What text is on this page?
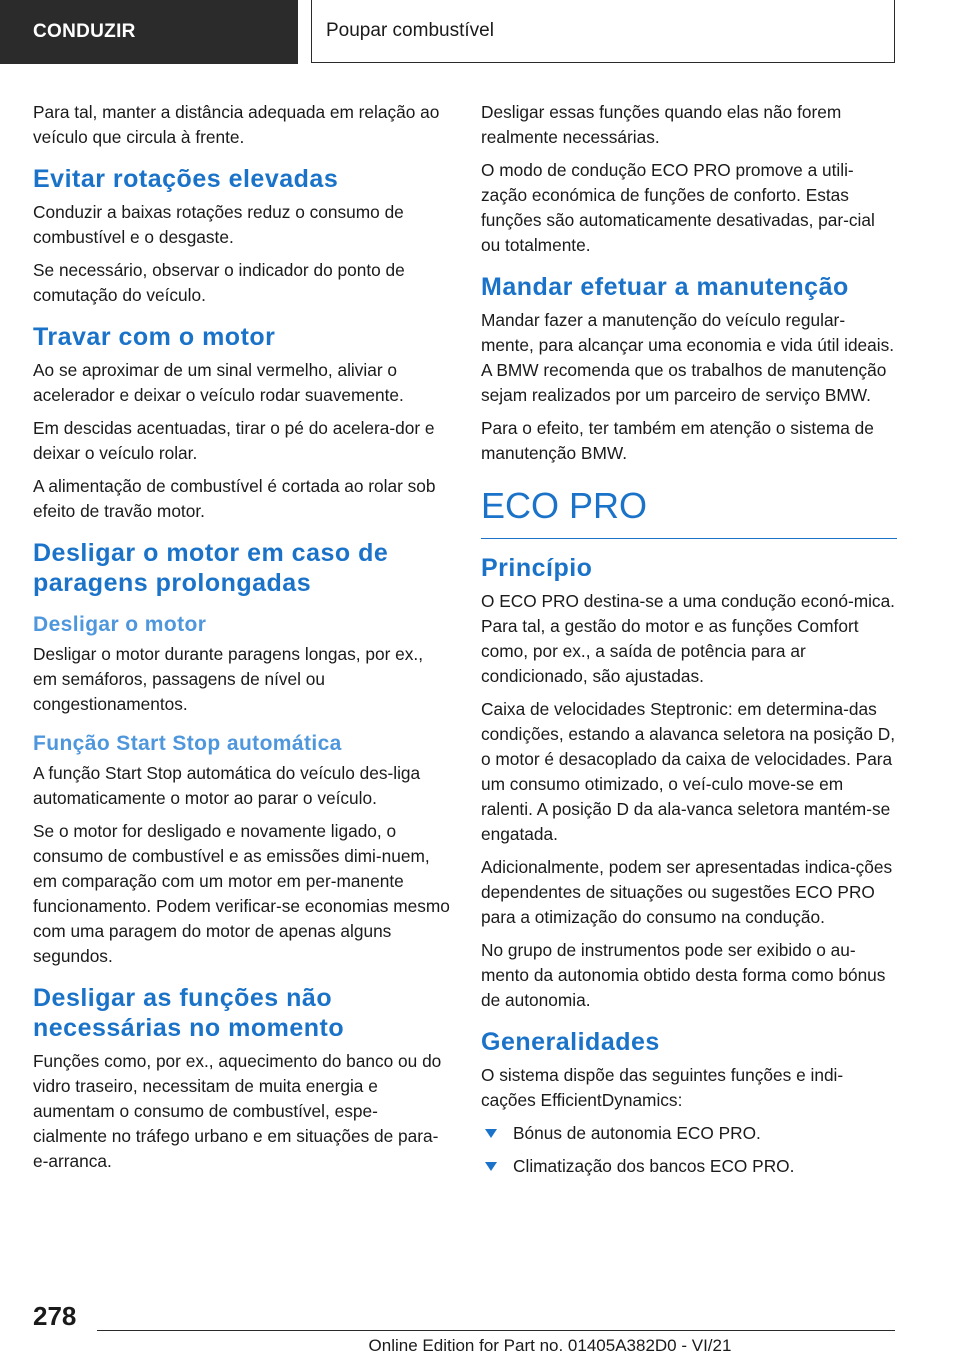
CONDUZIR	Poupar combustível

Para tal, manter a distância adequada em relação ao veículo que circula à frente.

Evitar rotações elevadas

Conduzir a baixas rotações reduz o consumo de combustível e o desgaste.

Se necessário, observar o indicador do ponto de comutação do veículo.

Travar com o motor

Ao se aproximar de um sinal vermelho, aliviar o acelerador e deixar o veículo rodar suavemente.

Em descidas acentuadas, tirar o pé do acelera-dor e deixar o veículo rolar.

A alimentação de combustível é cortada ao rolar sob efeito de travão motor.

Desligar o motor em caso de paragens prolongadas
Desligar o motor

Desligar o motor durante paragens longas, por ex., em semáforos, passagens de nível ou congestionamentos.

Função Start Stop automática

A função Start Stop automática do veículo des-liga automaticamente o motor ao parar o veículo.

Se o motor for desligado e novamente ligado, o consumo de combustível e as emissões dimi-nuem, em comparação com um motor em per-manente funcionamento. Podem verificar-se economias mesmo com uma paragem do motor de apenas alguns segundos.

Desligar as funções não necessárias no momento

Funções como, por ex., aquecimento do banco ou do vidro traseiro, necessitam de muita energia e aumentam o consumo de combustível, espe-cialmente no tráfego urbano e em situações de para-e-arranca.

Desligar essas funções quando elas não forem realmente necessárias.

O modo de condução ECO PRO promove a utili-zação económica de funções de conforto. Estas funções são automaticamente desativadas, par-cial ou totalmente.

Mandar efetuar a manutenção

Mandar fazer a manutenção do veículo regular-mente, para alcançar uma economia e vida útil ideais. A BMW recomenda que os trabalhos de manutenção sejam realizados por um parceiro de serviço BMW.

Para o efeito, ter também em atenção o sistema de manutenção BMW.

ECO PRO
Princípio

O ECO PRO destina-se a uma condução econó-mica. Para tal, a gestão do motor e as funções Comfort como, por ex., a saída de potência para ar condicionado, são ajustadas.

Caixa de velocidades Steptronic: em determina-das condições, estando a alavanca seletora na posição D, o motor é desacoplado da caixa de velocidades. Para um consumo otimizado, o veí-culo move-se em ralenti. A posição D da ala-vanca seletora mantém-se engatada.

Adicionalmente, podem ser apresentadas indica-ções dependentes de situações ou sugestões ECO PRO para a otimização do consumo na condução.

No grupo de instrumentos pode ser exibido o au-mento da autonomia obtido desta forma como bónus de autonomia.

Generalidades

O sistema dispõe das seguintes funções e indi-cações EfficientDynamics:

Bónus de autonomia ECO PRO.
Climatização dos bancos ECO PRO.
278
Online Edition for Part no. 01405A382D0 - VI/21
